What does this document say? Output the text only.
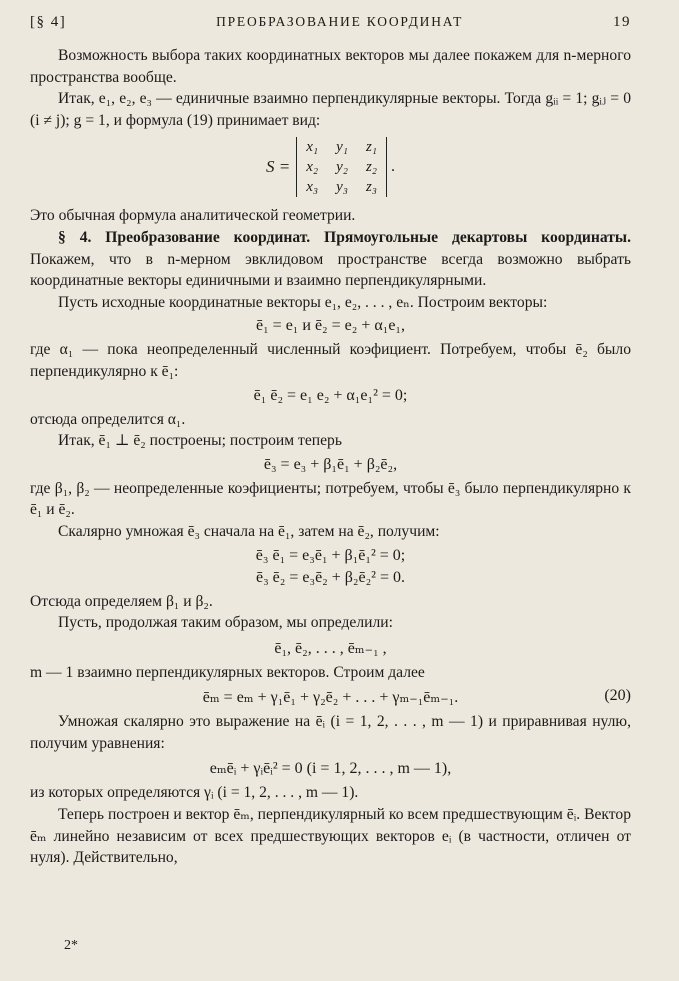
[§ 4]	ПРЕОБРАЗОВАНИЕ КООРДИНАТ	19

Возможность выбора таких координатных векторов мы далее покажем для n-мерного пространства вообще.

Итак, e₁, e₂, e₃ — единичные взаимно перпендикулярные векторы. Тогда gᵢᵢ = 1; gᵢⱼ = 0 (i ≠ j); g = 1, и формула (19) принимает вид:

S =
x₁	y₁	z₁
x₂	y₂	z₂
x₃	y₃	z₃
.

Это обычная формула аналитической геометрии.

§ 4. Преобразование координат. Прямоугольные декартовы координаты. Покажем, что в n-мерном эвклидовом пространстве всегда возможно выбрать координатные векторы единичными и взаимно перпендикулярными.

Пусть исходные координатные векторы e₁, e₂, . . . , eₙ. Построим векторы:

ē₁ = e₁ и ē₂ = e₂ + α₁e₁,

где α₁ — пока неопределенный численный коэфициент. Потребуем, чтобы ē₂ было перпендикулярно к ē₁:

ē₁ ē₂ = e₁ e₂ + α₁e₁² = 0;

отсюда определится α₁.

Итак, ē₁ ⊥ ē₂ построены; построим теперь

ē₃ = e₃ + β₁ē₁ + β₂ē₂,

где β₁, β₂ — неопределенные коэфициенты; потребуем, чтобы ē₃ было перпендикулярно к ē₁ и ē₂.

Скалярно умножая ē₃ сначала на ē₁, затем на ē₂, получим:

ē₃ ē₁ = e₃ē₁ + β₁ē₁² = 0;
ē₃ ē₂ = e₃ē₂ + β₂ē₂² = 0.

Отсюда определяем β₁ и β₂.

Пусть, продолжая таким образом, мы определили:

ē₁, ē₂, . . . , ēₘ₋₁ ,

m — 1 взаимно перпендикулярных векторов. Строим далее

ēₘ = eₘ + γ₁ē₁ + γ₂ē₂ + . . . + γₘ₋₁ēₘ₋₁.	(20)

Умножая скалярно это выражение на ēᵢ (i = 1, 2, . . . , m — 1) и приравнивая нулю, получим уравнения:

eₘēᵢ + γᵢēᵢ² = 0 (i = 1, 2, . . . , m — 1),

из которых определяются γᵢ (i = 1, 2, . . . , m — 1).

Теперь построен и вектор ēₘ, перпендикулярный ко всем предшествующим ēᵢ. Вектор ēₘ линейно независим от всех предшествующих векторов eᵢ (в частности, отличен от нуля). Действительно,

2*
